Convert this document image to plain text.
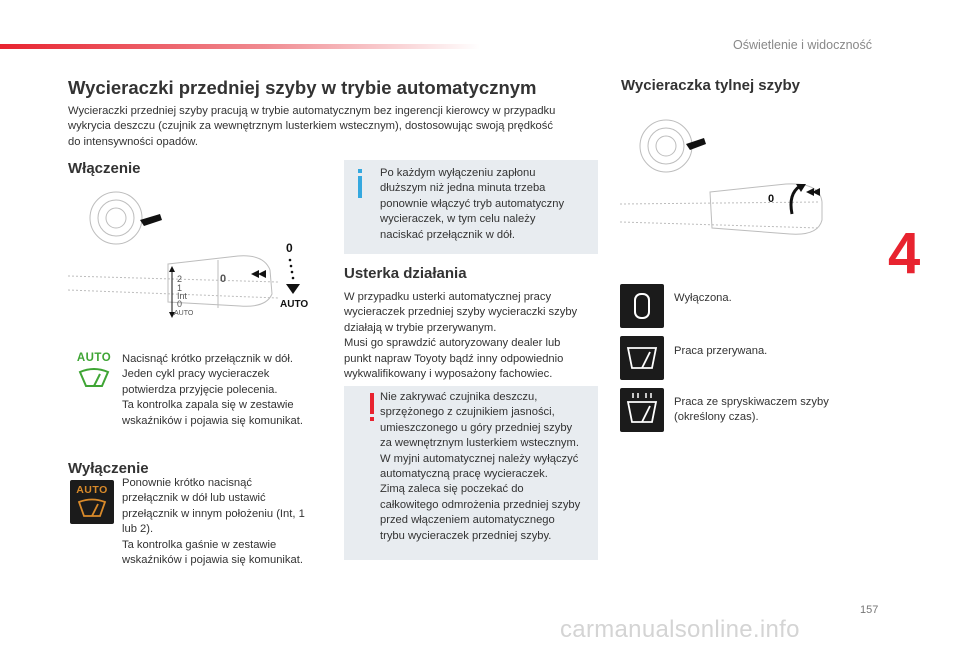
Oświetlenie i widoczność
4
157
carmanualsonline.info
Wycieraczki przedniej szyby w trybie automatycznym
Wycieraczki przedniej szyby pracują w trybie automatycznym bez ingerencji kierowcy w przypadku
wykrycia deszczu (czujnik za wewnętrznym lusterkiem wstecznym), dostosowując swoją prędkość
do intensywności opadów.
Włączenie
2
1
Int
0
AUTO
0
0
AUTO
AUTO Nacisnąć krótko przełącznik w dół.
Jeden cykl pracy wycieraczek
potwierdza przyjęcie polecenia.
Ta kontrolka zapala się w zestawie
wskaźników i pojawia się komunikat.
Wyłączenie
AUTO
Ponownie krótko nacisnąć
przełącznik w dół lub ustawić
przełącznik w innym położeniu (Int, 1
lub 2).
Ta kontrolka gaśnie w zestawie
wskaźników i pojawia się komunikat.
Po każdym wyłączeniu zapłonu
dłuższym niż jedna minuta trzeba
ponownie włączyć tryb automatyczny
wycieraczek, w tym celu należy
naciskać przełącznik w dół.
Usterka działania
W przypadku usterki automatycznej pracy
wycieraczek przedniej szyby wycieraczki szyby
działają w trybie przerywanym.
Musi go sprawdzić autoryzowany dealer lub
punkt napraw Toyoty bądź inny odpowiednio
wykwalifikowany i wyposażony fachowiec.
Nie zakrywać czujnika deszczu,
sprzężonego z czujnikiem jasności,
umieszczonego u góry przedniej szyby
za wewnętrznym lusterkiem wstecznym.
W myjni automatycznej należy wyłączyć
automatyczną pracę wycieraczek.
Zimą zaleca się poczekać do
całkowitego odmrożenia przedniej szyby
przed włączeniem automatycznego
trybu wycieraczek przedniej szyby.
Wycieraczka tylnej szyby
0
Wyłączona.
Praca przerywana.
Praca ze spryskiwaczem szyby
(określony czas).
